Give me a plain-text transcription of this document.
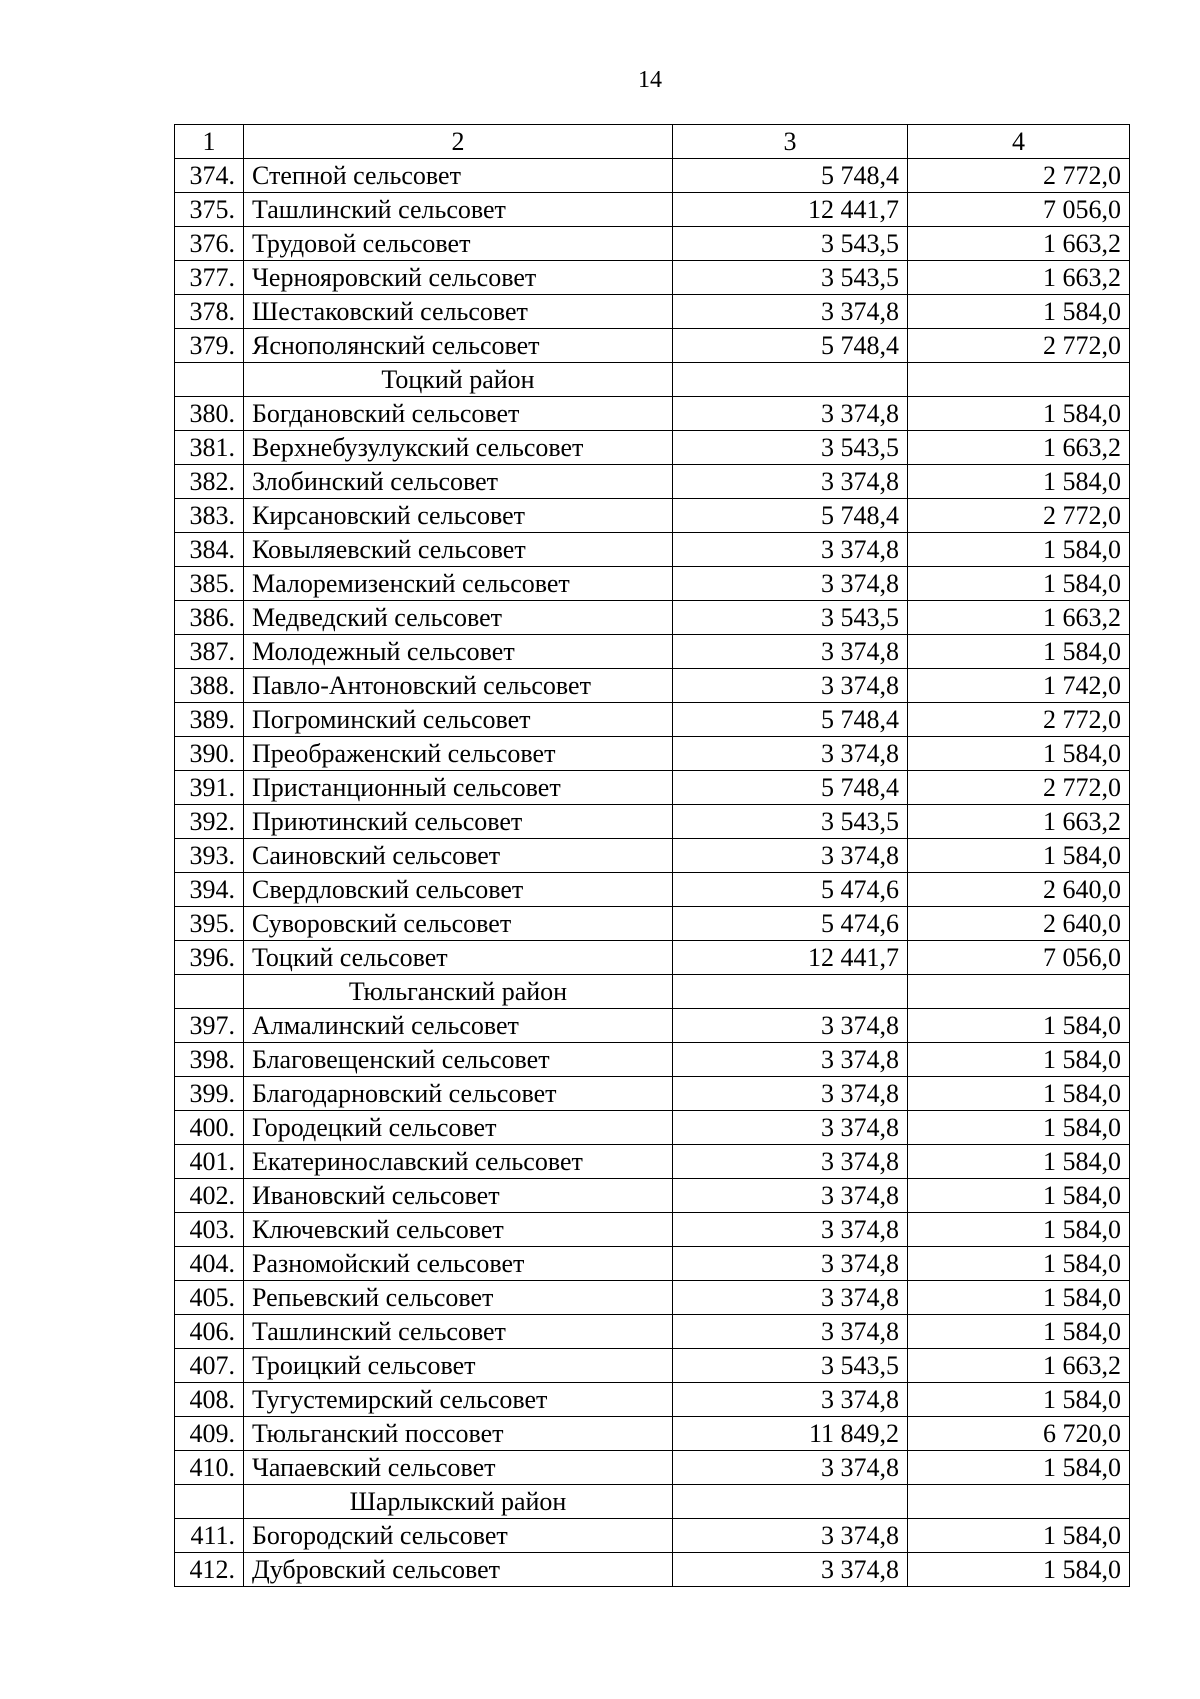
14
1	2	3	4
374.	Степной сельсовет	5 748,4	2 772,0
375.	Ташлинский сельсовет	12 441,7	7 056,0
376.	Трудовой сельсовет	3 543,5	1 663,2
377.	Чернояровский сельсовет	3 543,5	1 663,2
378.	Шестаковский сельсовет	3 374,8	1 584,0
379.	Яснополянский сельсовет	5 748,4	2 772,0
	Тоцкий район		
380.	Богдановский сельсовет	3 374,8	1 584,0
381.	Верхнебузулукский сельсовет	3 543,5	1 663,2
382.	Злобинский сельсовет	3 374,8	1 584,0
383.	Кирсановский сельсовет	5 748,4	2 772,0
384.	Ковыляевский сельсовет	3 374,8	1 584,0
385.	Малоремизенский сельсовет	3 374,8	1 584,0
386.	Медведский сельсовет	3 543,5	1 663,2
387.	Молодежный сельсовет	3 374,8	1 584,0
388.	Павло-Антоновский сельсовет	3 374,8	1 742,0
389.	Погроминский сельсовет	5 748,4	2 772,0
390.	Преображенский сельсовет	3 374,8	1 584,0
391.	Пристанционный сельсовет	5 748,4	2 772,0
392.	Приютинский сельсовет	3 543,5	1 663,2
393.	Саиновский сельсовет	3 374,8	1 584,0
394.	Свердловский сельсовет	5 474,6	2 640,0
395.	Суворовский сельсовет	5 474,6	2 640,0
396.	Тоцкий сельсовет	12 441,7	7 056,0
	Тюльганский район		
397.	Алмалинский сельсовет	3 374,8	1 584,0
398.	Благовещенский сельсовет	3 374,8	1 584,0
399.	Благодарновский сельсовет	3 374,8	1 584,0
400.	Городецкий сельсовет	3 374,8	1 584,0
401.	Екатеринославский сельсовет	3 374,8	1 584,0
402.	Ивановский сельсовет	3 374,8	1 584,0
403.	Ключевский сельсовет	3 374,8	1 584,0
404.	Разномойский сельсовет	3 374,8	1 584,0
405.	Репьевский сельсовет	3 374,8	1 584,0
406.	Ташлинский сельсовет	3 374,8	1 584,0
407.	Троицкий сельсовет	3 543,5	1 663,2
408.	Тугустемирский сельсовет	3 374,8	1 584,0
409.	Тюльганский поссовет	11 849,2	6 720,0
410.	Чапаевский сельсовет	3 374,8	1 584,0
	Шарлыкский район		
411.	Богородский сельсовет	3 374,8	1 584,0
412.	Дубровский сельсовет	3 374,8	1 584,0
